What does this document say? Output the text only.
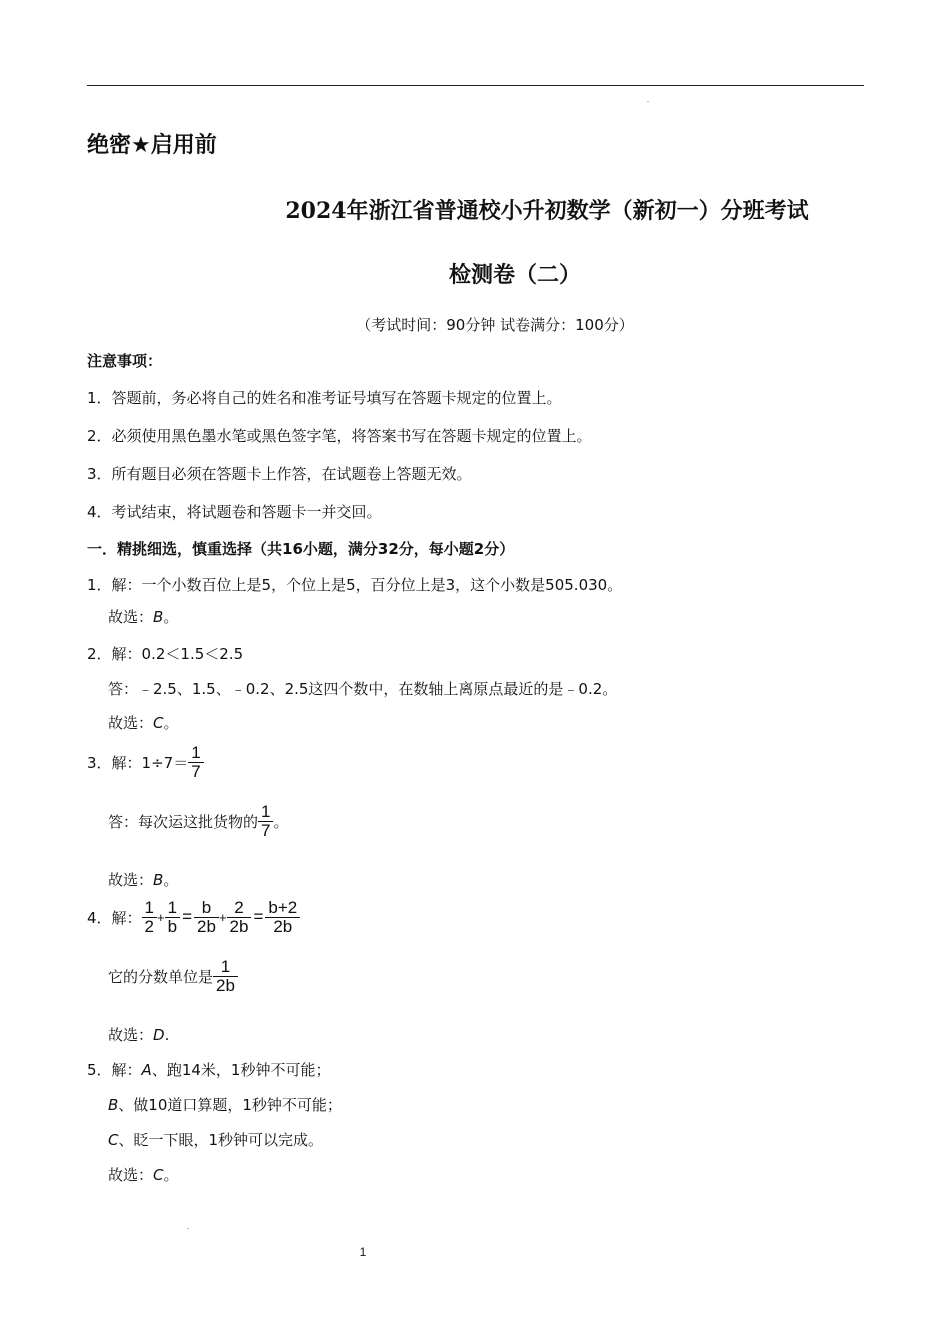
绝密★启用前
2024年浙江省普通校小升初数学（新初一）分班考试
检测卷（二）
（考试时间：90分钟 试卷满分：100分）
注意事项：
1．答题前，务必将自己的姓名和准考证号填写在答题卡规定的位置上。
2．必须使用黑色墨水笔或黑色签字笔，将答案书写在答题卡规定的位置上。
3．所有题目必须在答题卡上作答，在试题卷上答题无效。
4．考试结束，将试题卷和答题卡一并交回。
一．精挑细选，慎重选择（共16小题，满分32分，每小题2分）
1．解：一个小数百位上是5，个位上是5，百分位上是3，这个小数是505.030。
故选：B。
2．解：0.2＜1.5＜2.5
答：﹣2.5、1.5、﹣0.2、2.5这四个数中，在数轴上离原点最近的是﹣0.2。
故选：C。
3．解：$1\div 7= \frac{1}{7}$
答：每次运这批货物的 $\frac{1}{7}$ 。
故选：B。
4．解： $\frac{1}{2} + \frac{1}{b} = \frac{b}{2b} + \frac{2}{2b} = \frac{b+2}{2b}$
它的分数单位是 $\frac{1}{2b}$
故选：D.
5．解：A、跑14米，1秒钟不可能；
B、做10道口算题，1秒钟不可能；
C、眨一下眼，1秒钟可以完成。
故选：C。
1
